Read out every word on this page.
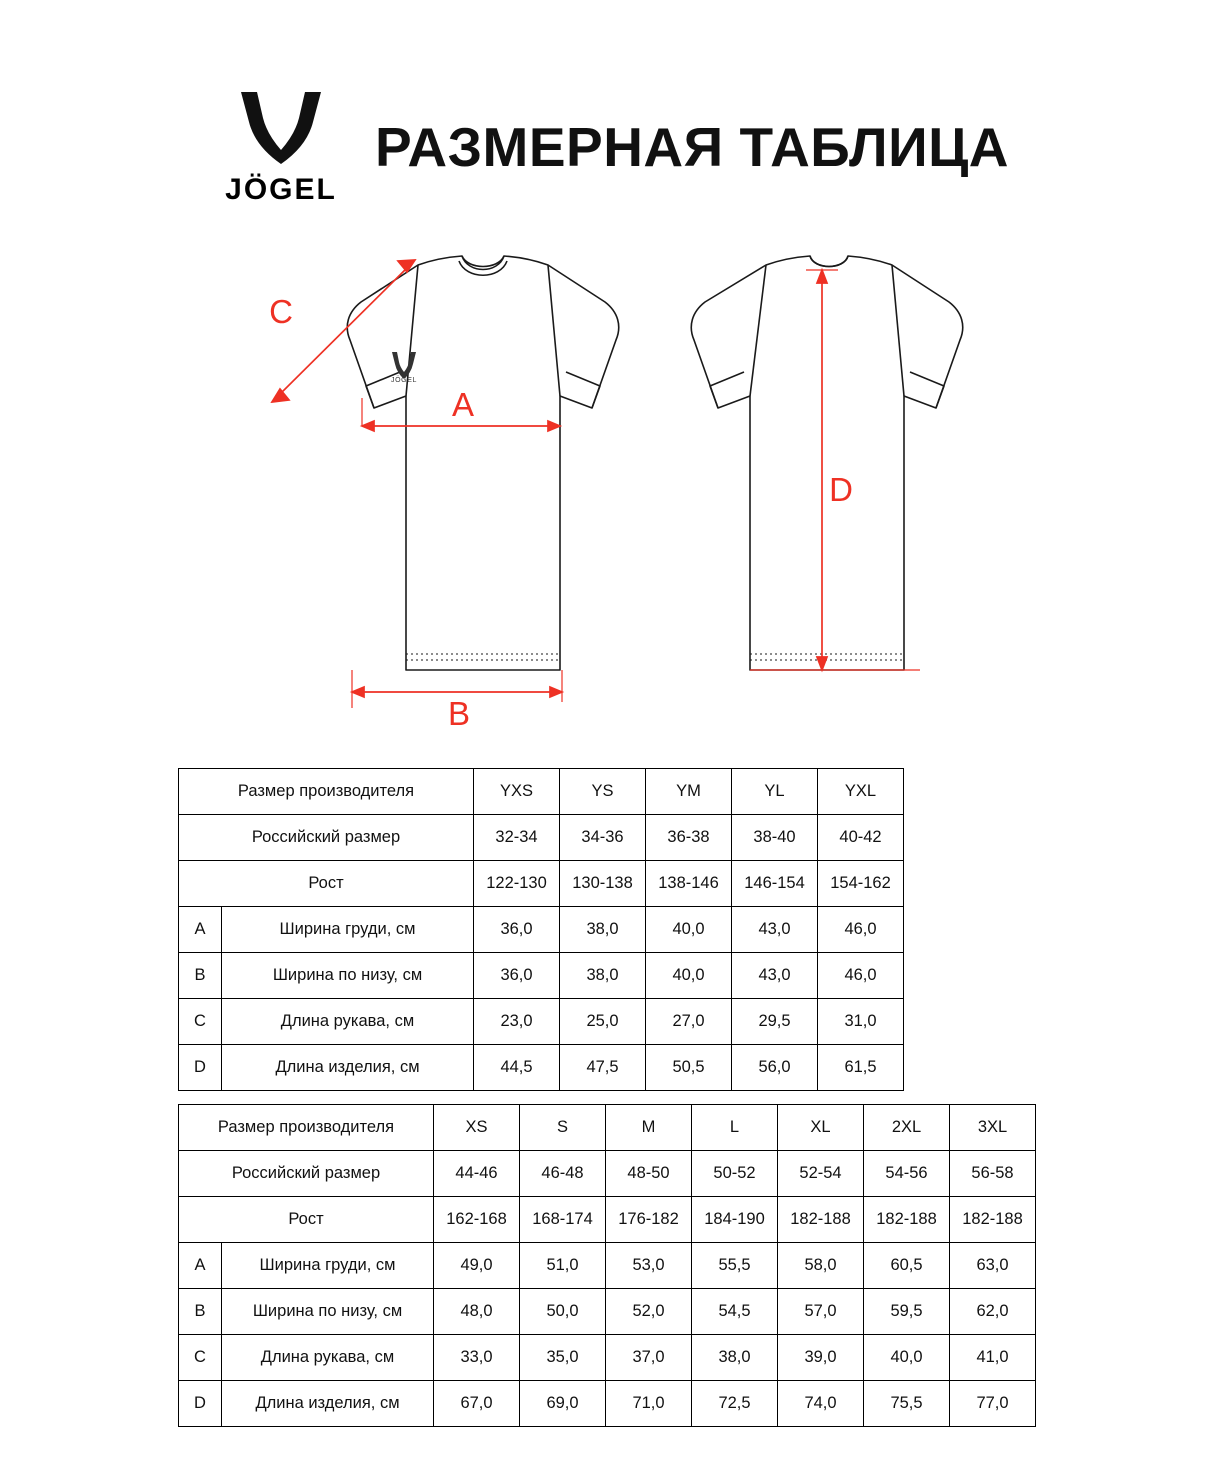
JÖGEL
РАЗМЕРНАЯ ТАБЛИЦА
JÖGEL
A
B
C
D
Размер производителя		YXS	YS	YM	YL	YXL
Российский размер		32-34	34-36	36-38	38-40	40-42
Рост		122-130	130-138	138-146	146-154	154-162
A	Ширина груди, см	36,0	38,0	40,0	43,0	46,0
B	Ширина по низу, см	36,0	38,0	40,0	43,0	46,0
C	Длина рукава, см	23,0	25,0	27,0	29,5	31,0
D	Длина изделия, см	44,5	47,5	50,5	56,0	61,5
Размер производителя		XS	S	M	L	XL	2XL	3XL
Российский размер		44-46	46-48	48-50	50-52	52-54	54-56	56-58
Рост		162-168	168-174	176-182	184-190	182-188	182-188	182-188
A	Ширина груди, см	49,0	51,0	53,0	55,5	58,0	60,5	63,0
B	Ширина по низу, см	48,0	50,0	52,0	54,5	57,0	59,5	62,0
C	Длина рукава, см	33,0	35,0	37,0	38,0	39,0	40,0	41,0
D	Длина изделия, см	67,0	69,0	71,0	72,5	74,0	75,5	77,0
